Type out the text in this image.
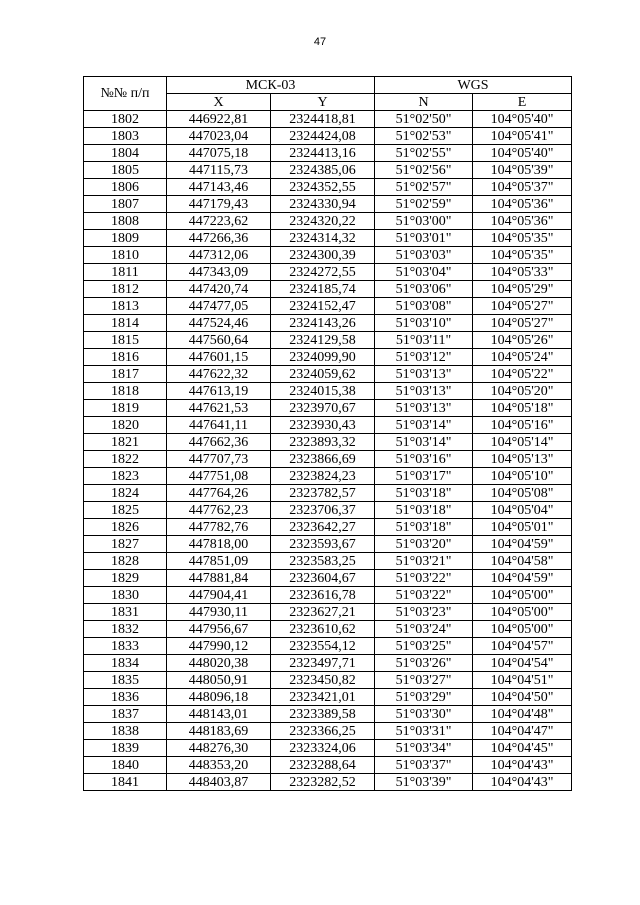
47
№№ п/п	МСК-03		WGS	
	X	Y	N	E
1802	446922,81	2324418,81	51°02'50"	104°05'40"
1803	447023,04	2324424,08	51°02'53"	104°05'41"
1804	447075,18	2324413,16	51°02'55"	104°05'40"
1805	447115,73	2324385,06	51°02'56"	104°05'39"
1806	447143,46	2324352,55	51°02'57"	104°05'37"
1807	447179,43	2324330,94	51°02'59"	104°05'36"
1808	447223,62	2324320,22	51°03'00"	104°05'36"
1809	447266,36	2324314,32	51°03'01"	104°05'35"
1810	447312,06	2324300,39	51°03'03"	104°05'35"
1811	447343,09	2324272,55	51°03'04"	104°05'33"
1812	447420,74	2324185,74	51°03'06"	104°05'29"
1813	447477,05	2324152,47	51°03'08"	104°05'27"
1814	447524,46	2324143,26	51°03'10"	104°05'27"
1815	447560,64	2324129,58	51°03'11"	104°05'26"
1816	447601,15	2324099,90	51°03'12"	104°05'24"
1817	447622,32	2324059,62	51°03'13"	104°05'22"
1818	447613,19	2324015,38	51°03'13"	104°05'20"
1819	447621,53	2323970,67	51°03'13"	104°05'18"
1820	447641,11	2323930,43	51°03'14"	104°05'16"
1821	447662,36	2323893,32	51°03'14"	104°05'14"
1822	447707,73	2323866,69	51°03'16"	104°05'13"
1823	447751,08	2323824,23	51°03'17"	104°05'10"
1824	447764,26	2323782,57	51°03'18"	104°05'08"
1825	447762,23	2323706,37	51°03'18"	104°05'04"
1826	447782,76	2323642,27	51°03'18"	104°05'01"
1827	447818,00	2323593,67	51°03'20"	104°04'59"
1828	447851,09	2323583,25	51°03'21"	104°04'58"
1829	447881,84	2323604,67	51°03'22"	104°04'59"
1830	447904,41	2323616,78	51°03'22"	104°05'00"
1831	447930,11	2323627,21	51°03'23"	104°05'00"
1832	447956,67	2323610,62	51°03'24"	104°05'00"
1833	447990,12	2323554,12	51°03'25"	104°04'57"
1834	448020,38	2323497,71	51°03'26"	104°04'54"
1835	448050,91	2323450,82	51°03'27"	104°04'51"
1836	448096,18	2323421,01	51°03'29"	104°04'50"
1837	448143,01	2323389,58	51°03'30"	104°04'48"
1838	448183,69	2323366,25	51°03'31"	104°04'47"
1839	448276,30	2323324,06	51°03'34"	104°04'45"
1840	448353,20	2323288,64	51°03'37"	104°04'43"
1841	448403,87	2323282,52	51°03'39"	104°04'43"
